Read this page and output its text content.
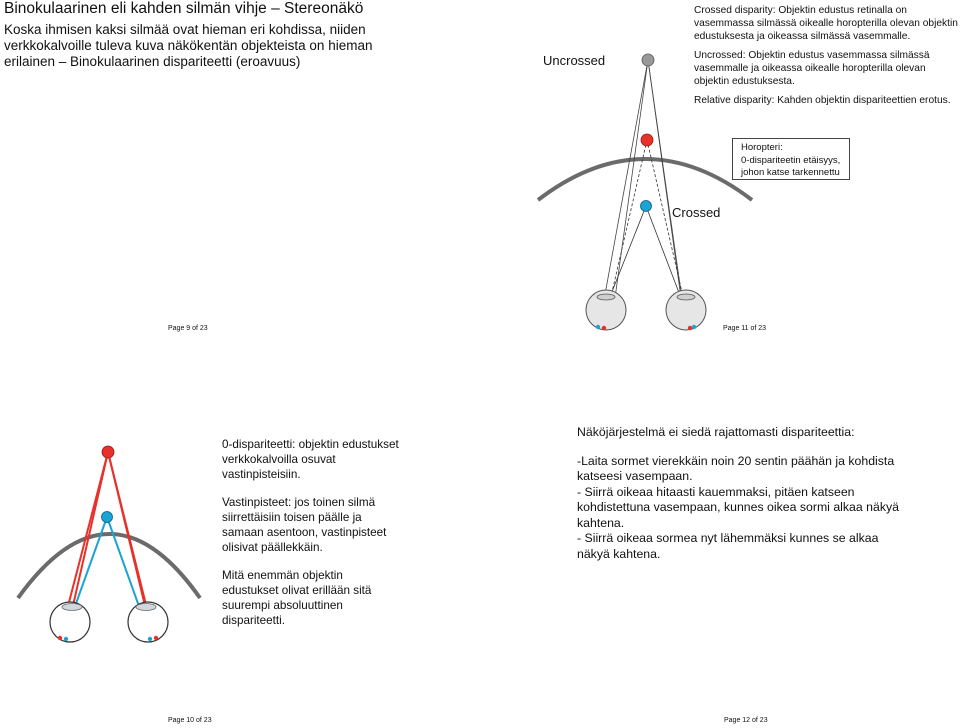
Binokulaarinen eli kahden silmän vihje – Stereonäkö
Koska ihmisen kaksi silmää ovat hieman eri kohdissa, niiden verkkokalvoille tuleva kuva näkökentän objekteista on hieman erilainen – Binokulaarinen dispariteetti (eroavuus)

Crossed disparity: Objektin edustus retinalla on vasemmassa silmässä oikealle horopterilla olevan objektin edustuksesta ja oikeassa silmässä vasemmalle.

Uncrossed: Objektin edustus vasemmassa silmässä vasemmalle ja oikeassa oikealle horopterilla olevan objektin edustuksesta.

Relative disparity: Kahden objektin dispariteettien erotus.

Uncrossed
Crossed
Horopteri:
0-dispariteetin etäisyys,
johon katse tarkennettu
Page 9 of 23	Page 11 of 23
Page 10 of 23	Page 12 of 23

0-dispariteetti: objektin edustukset verkkokalvoilla osuvat vastinpisteisiin.

Vastinpisteet: jos toinen silmä siirrettäisiin toisen päälle ja samaan asentoon, vastinpisteet olisivat päällekkäin.

Mitä enemmän objektin edustukset olivat erillään sitä suurempi absoluuttinen dispariteetti.

Näköjärjestelmä ei siedä rajattomasti dispariteettia:

-Laita sormet vierekkäin noin 20 sentin päähän ja kohdista katseesi vasempaan.

- Siirrä oikeaa hitaasti kauemmaksi, pitäen katseen kohdistettuna vasempaan, kunnes oikea sormi alkaa näkyä kahtena.

- Siirrä oikeaa sormea nyt lähemmäksi kunnes se alkaa näkyä kahtena.
